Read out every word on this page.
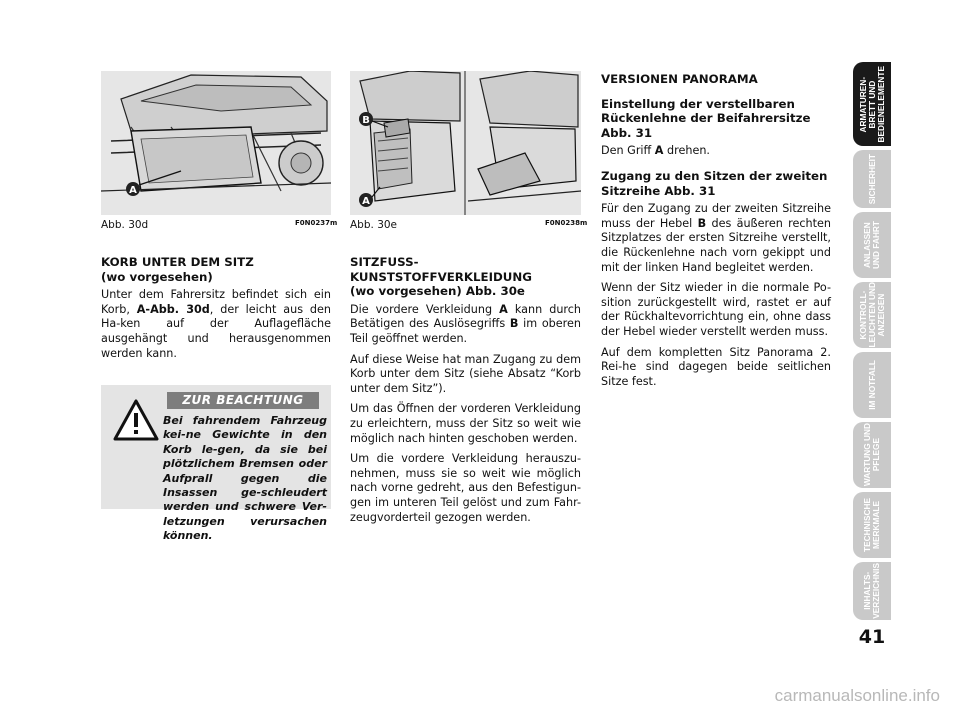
A
Abb. 30d	F0N0237m
B
A
Abb. 30e	F0N0238m
KORB UNTER DEM SITZ
(wo vorgesehen)

Unter dem Fahrersitz befindet sich ein Korb, A-Abb. 30d, der leicht aus den Ha-ken auf der Auflagefläche ausgehängt und herausgenommen werden kann.

ZUR BEACHTUNG
Bei fahrendem Fahrzeug kei-ne Gewichte in den Korb le-gen, da sie bei plötzlichem Bremsen oder Aufprall gegen die Insassen ge-schleudert werden und schwere Ver-letzungen verursachen können.
SITZFUSS-
KUNSTSTOFFVERKLEIDUNG
(wo vorgesehen) Abb. 30e

Die vordere Verkleidung A kann durch Betätigen des Auslösegriffs B im oberen Teil geöffnet werden.

Auf diese Weise hat man Zugang zu dem Korb unter dem Sitz (siehe Absatz “Korb unter dem Sitz”).

Um das Öffnen der vorderen Verkleidung zu erleichtern, muss der Sitz so weit wie möglich nach hinten geschoben werden.

Um die vordere Verkleidung herauszu-nehmen, muss sie so weit wie möglich nach vorne gedreht, aus den Befestigun-gen im unteren Teil gelöst und zum Fahr-zeugvorderteil gezogen werden.

VERSIONEN PANORAMA
Einstellung der verstellbaren Rückenlehne der Beifahrersitze Abb. 31

Den Griff A drehen.

Zugang zu den Sitzen der zweiten Sitzreihe Abb. 31

Für den Zugang zu der zweiten Sitzreihe muss der Hebel B des äußeren rechten Sitzplatzes der ersten Sitzreihe verstellt, die Rückenlehne nach vorn gekippt und mit der linken Hand begleitet werden.

Wenn der Sitz wieder in die normale Po-sition zurückgestellt wird, rastet er auf der Rückhaltevorrichtung ein, ohne dass der Hebel wieder verstellt werden muss.

Auf dem kompletten Sitz Panorama 2. Rei-he sind dagegen beide seitlichen Sitze fest.

ARMATUREN-
BRETT UND
BEDIENELEMENTE
SICHERHEIT
ANLASSEN
UND FAHRT
KONTROLL-
LEUCHTEN UND
ANZEIGEN
IM NOTFALL
WARTUNG UND
PFLEGE
TECHNISCHE
MERKMALE
INHALTS-
VERZEICHNIS
41
carmanualsonline.info
